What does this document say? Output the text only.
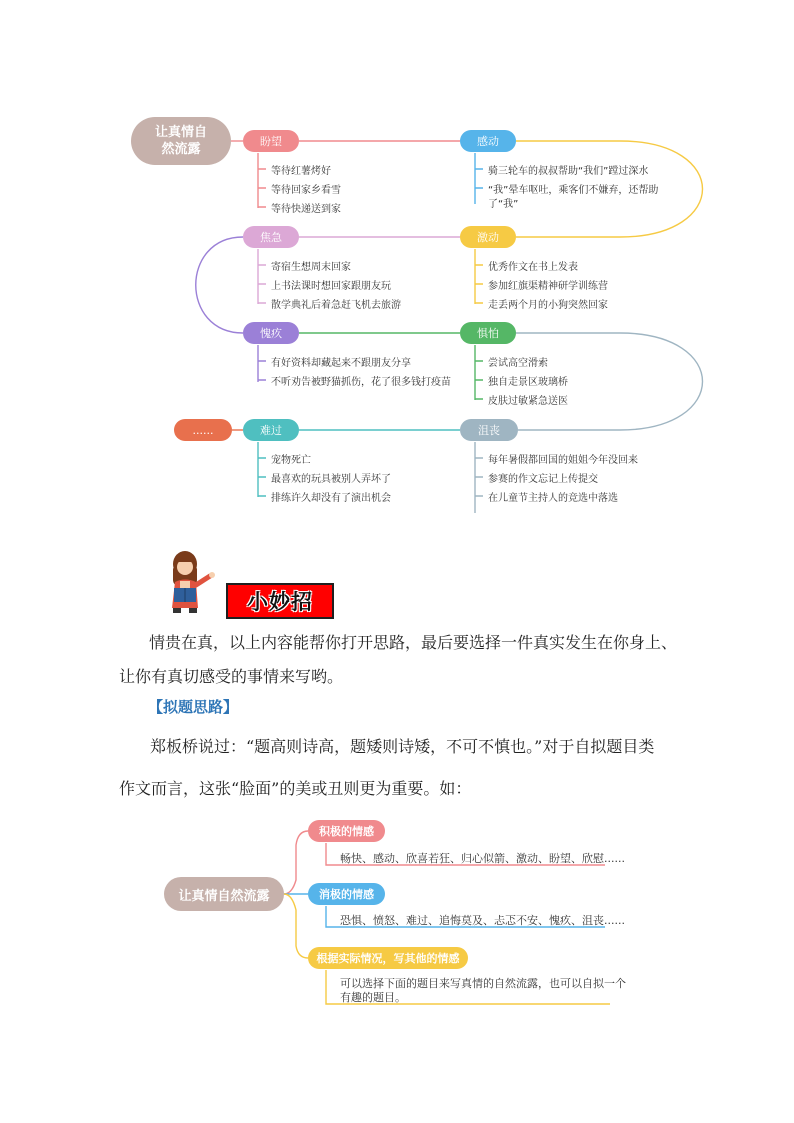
让真情自
然流露
盼望	感动
焦急	激动
愧疚	惧怕
难过	沮丧
......
等待红薯烤好
等待回家乡看雪
等待快递送到家
骑三轮车的叔叔帮助“我们”蹚过深水
“我”晕车呕吐，乘客们不嫌弃，还帮助
了“我”
寄宿生想周末回家
上书法课时想回家跟朋友玩
散学典礼后着急赶飞机去旅游
优秀作文在书上发表
参加红旗渠精神研学训练营
走丢两个月的小狗突然回家
有好资料却藏起来不跟朋友分享
不听劝告被野猫抓伤，花了很多钱打疫苗
尝试高空滑索
独自走景区玻璃桥
皮肤过敏紧急送医
宠物死亡
最喜欢的玩具被别人弄坏了
排练许久却没有了演出机会
每年暑假都回国的姐姐今年没回来
参赛的作文忘记上传提交
在儿童节主持人的竞选中落选
小妙招
情贵在真，以上内容能帮你打开思路，最后要选择一件真实发生在你身上、
让你有真切感受的事情来写哟。
【拟题思路】
郑板桥说过：“题高则诗高，题矮则诗矮，不可不慎也。”对于自拟题目类
作文而言，这张“脸面”的美或丑则更为重要。如：
让真情自然流露
积极的情感
消极的情感
根据实际情况，写其他的情感
畅快、感动、欣喜若狂、归心似箭、激动、盼望、欣慰......
恐惧、愤怒、难过、追悔莫及、忐忑不安、愧疚、沮丧......
可以选择下面的题目来写真情的自然流露，也可以自拟一个
有趣的题目。
